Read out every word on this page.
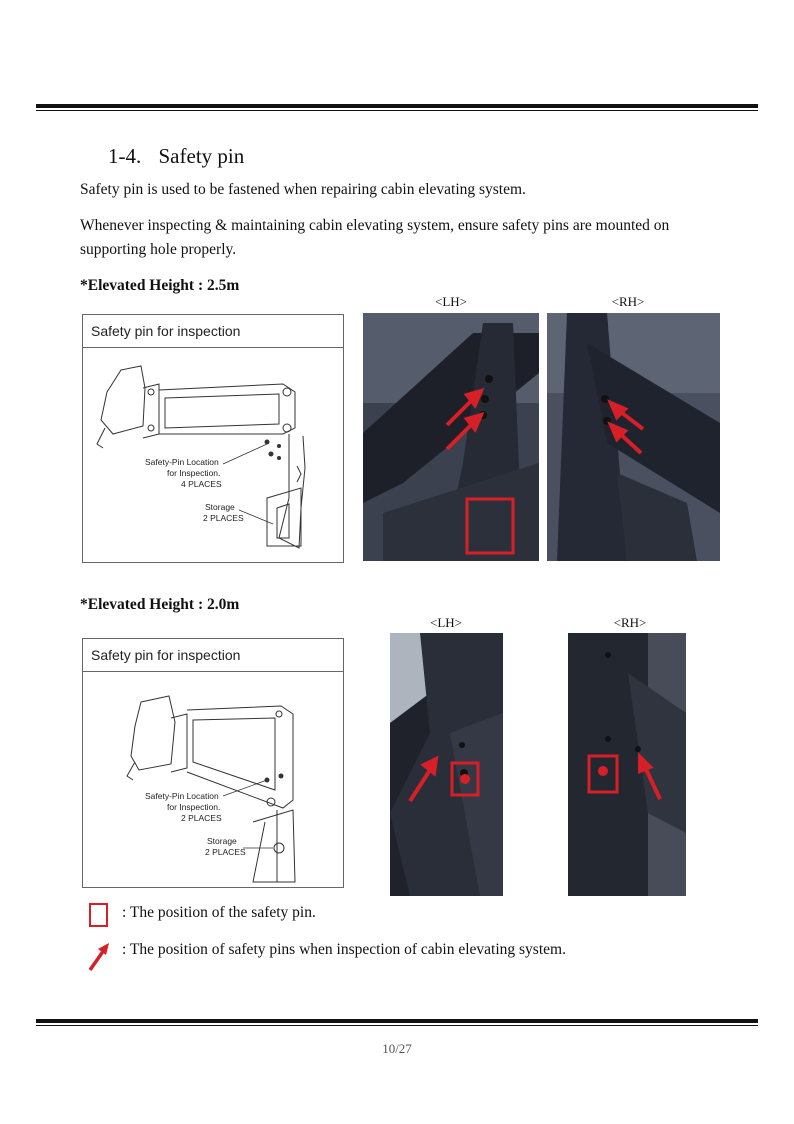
1-4. Safety pin
Safety pin is used to be fastened when repairing cabin elevating system.
Whenever inspecting & maintaining cabin elevating system, ensure safety pins are mounted on
supporting hole properly.
*Elevated Height : 2.5m
Safety pin for inspection
Safety-Pin Location
for Inspection.
4 PLACES
Storage
2 PLACES
<LH>	<RH>
*Elevated Height : 2.0m
Safety pin for inspection
Safety-Pin Location
for Inspection.
2 PLACES
Storage
2 PLACES
<LH>	<RH>
: The position of the safety pin.
: The position of safety pins when inspection of cabin elevating system.
10/27
